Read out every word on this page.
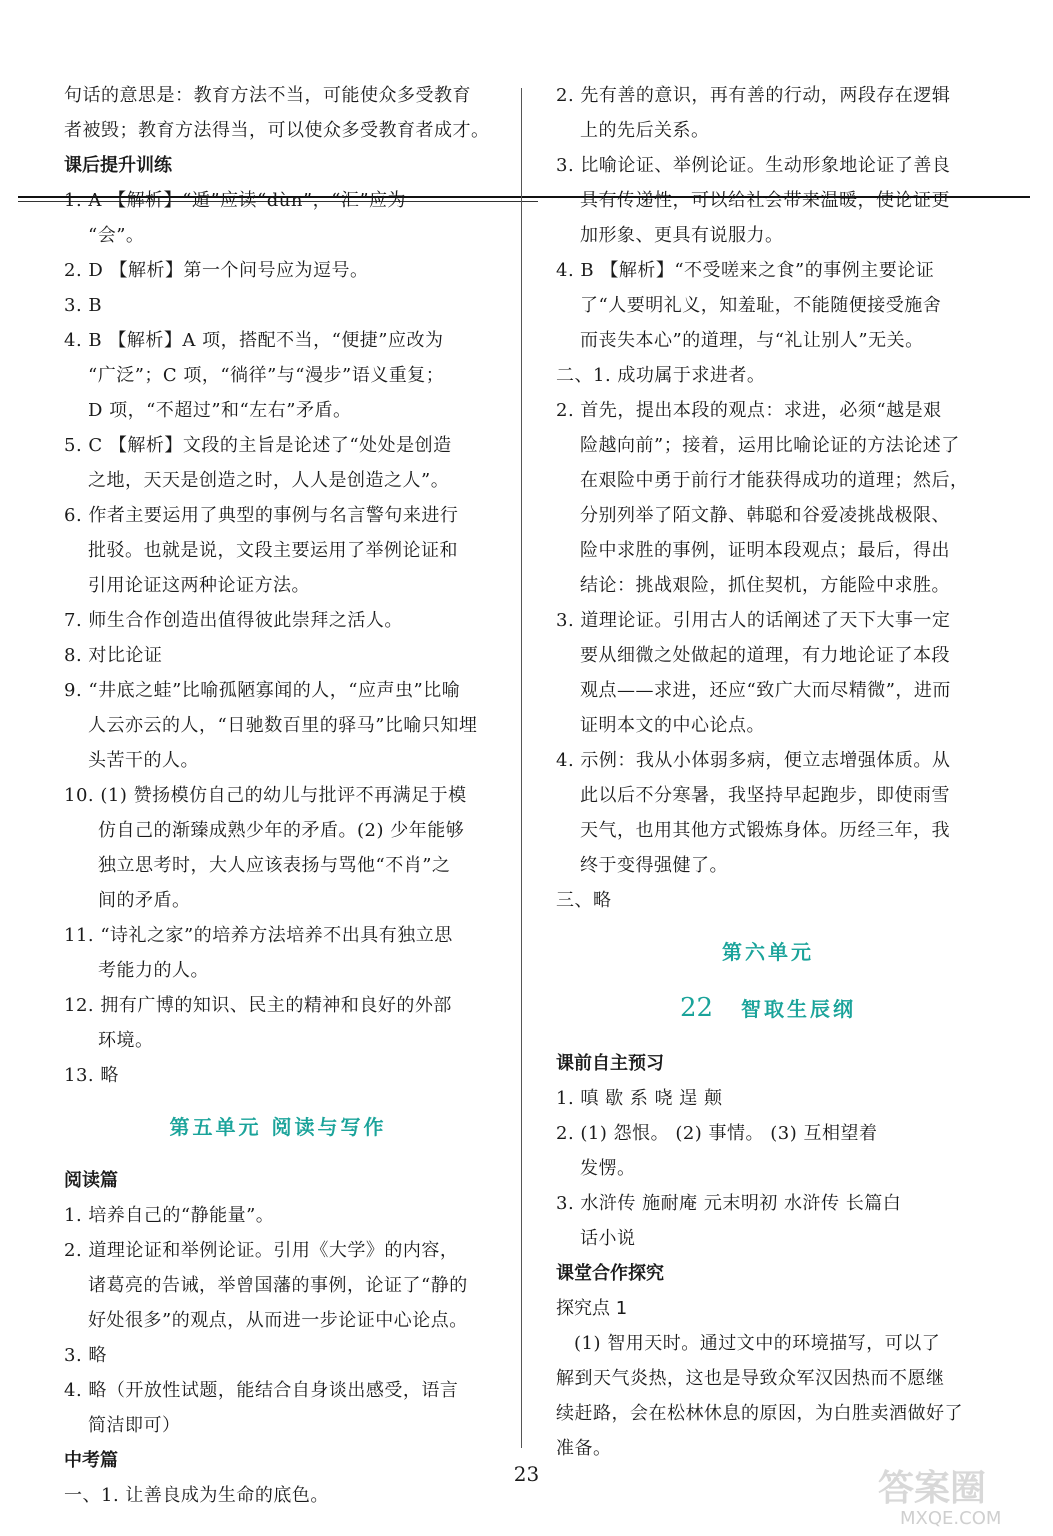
句话的意思是：教育方法不当，可能使众多受教育
者被毁；教育方法得当，可以使众多受教育者成才。
课后提升训练
1. A 【解析】“遁”应读“dùn”，“汇”应为
“会”。
2. D 【解析】第一个问号应为逗号。
3. B
4. B 【解析】A 项，搭配不当，“便捷”应改为
“广泛”；C 项，“徜徉”与“漫步”语义重复；
D 项，“不超过”和“左右”矛盾。
5. C 【解析】文段的主旨是论述了“处处是创造
之地，天天是创造之时，人人是创造之人”。
6. 作者主要运用了典型的事例与名言警句来进行
批驳。也就是说，文段主要运用了举例论证和
引用论证这两种论证方法。
7. 师生合作创造出值得彼此崇拜之活人。
8. 对比论证
9. “井底之蛙”比喻孤陋寡闻的人，“应声虫”比喻
人云亦云的人，“日驰数百里的驿马”比喻只知埋
头苦干的人。
10. (1) 赞扬模仿自己的幼儿与批评不再满足于模
仿自己的渐臻成熟少年的矛盾。(2) 少年能够
独立思考时，大人应该表扬与骂他“不肖”之
间的矛盾。
11. “诗礼之家”的培养方法培养不出具有独立思
考能力的人。
12. 拥有广博的知识、民主的精神和良好的外部
环境。
13. 略
第五单元 阅读与写作
阅读篇
1. 培养自己的“静能量”。
2. 道理论证和举例论证。引用《大学》的内容，
诸葛亮的告诫，举曾国藩的事例，论证了“静的
好处很多”的观点，从而进一步论证中心论点。
3. 略
4. 略（开放性试题，能结合自身谈出感受，语言
简洁即可）
中考篇
一、1. 让善良成为生命的底色。
2. 先有善的意识，再有善的行动，两段存在逻辑
上的先后关系。
3. 比喻论证、举例论证。生动形象地论证了善良
具有传递性，可以给社会带来温暖，使论证更
加形象、更具有说服力。
4. B 【解析】“不受嗟来之食”的事例主要论证
了“人要明礼义，知羞耻，不能随便接受施舍
而丧失本心”的道理，与“礼让别人”无关。
二、1. 成功属于求进者。
2. 首先，提出本段的观点：求进，必须“越是艰
险越向前”；接着，运用比喻论证的方法论述了
在艰险中勇于前行才能获得成功的道理；然后，
分别列举了陌文静、韩聪和谷爱凌挑战极限、
险中求胜的事例，证明本段观点；最后，得出
结论：挑战艰险，抓住契机，方能险中求胜。
3. 道理论证。引用古人的话阐述了天下大事一定
要从细微之处做起的道理，有力地论证了本段
观点——求进，还应“致广大而尽精微”，进而
证明本文的中心论点。
4. 示例：我从小体弱多病，便立志增强体质。从
此以后不分寒暑，我坚持早起跑步，即使雨雪
天气，也用其他方式锻炼身体。历经三年，我
终于变得强健了。
三、略
第六单元
22 智取生辰纲
课前自主预习
1. 嗔 歇 系 哓 逞 颠
2. (1) 怨恨。 (2) 事情。 (3) 互相望着
发愣。
3. 水浒传 施耐庵 元末明初 水浒传 长篇白
话小说
课堂合作探究
探究点 1
(1) 智用天时。通过文中的环境描写，可以了
解到天气炎热，这也是导致众军汉因热而不愿继
续赶路，会在松林休息的原因，为白胜卖酒做好了
准备。
23	答案圈
MXQE.COM
